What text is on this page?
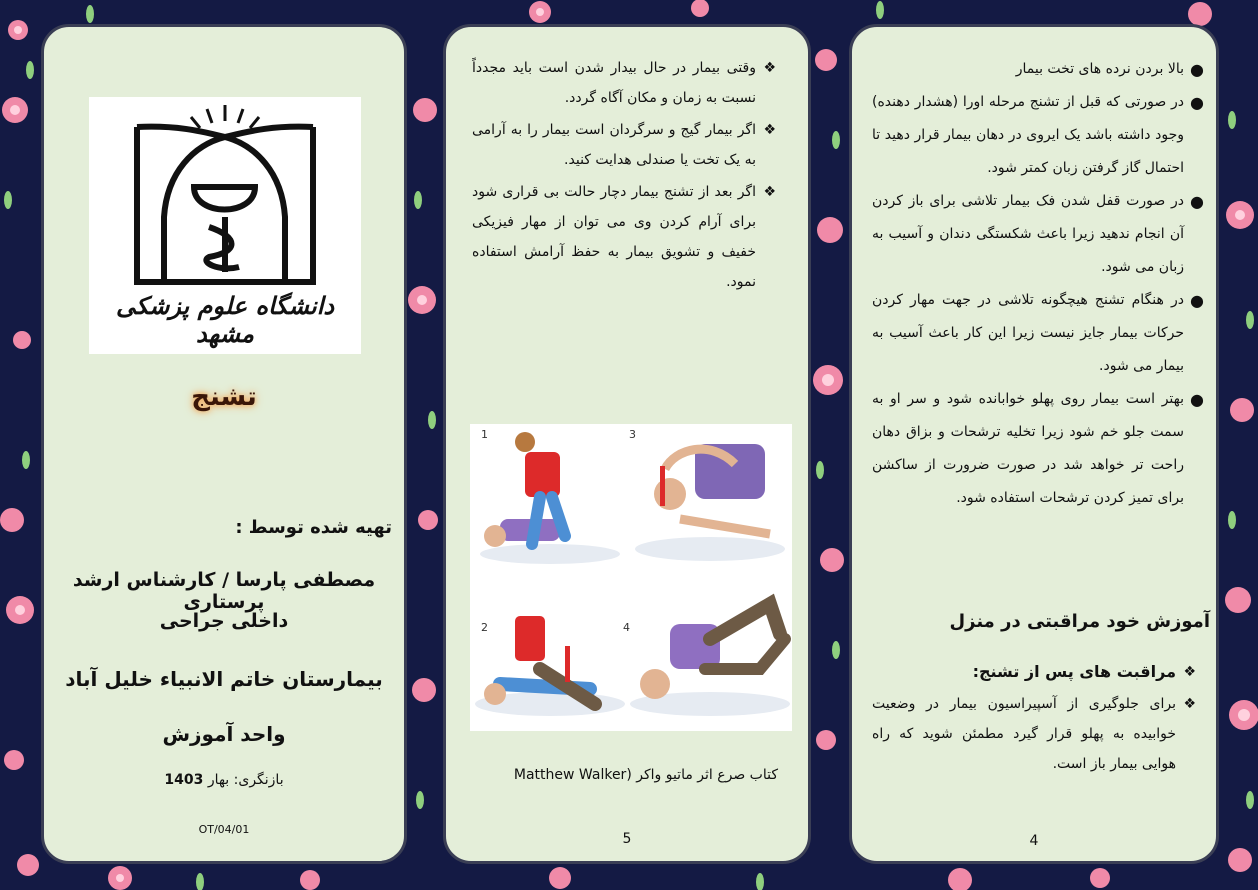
دانشگاه علوم پزشکی مشهد
تشنج
تهیه شده توسط :
مصطفی پارسا / کارشناس ارشد پرستاری
داخلی جراحی
بیمارستان خاتم الانبیاء خلیل آباد
واحد آموزش
بازنگری: بهار 1403
OT/04/01
❖
وقتی بیمار در حال بیدار شدن است باید مجدداً نسبت به زمان و مکان آگاه گردد.
❖
اگر بیمار گیج و سرگردان است بیمار را به آرامی به یک تخت یا صندلی هدایت کنید.
❖
اگر بعد از تشنج بیمار دچار حالت بی قراری شود برای آرام کردن وی می توان از مهار فیزیکی خفیف و تشویق بیمار به حفظ آرامش استفاده نمود.
1	3
2	4
کتاب صرع اثر ماتیو واکر (Matthew Walker
5
●
بالا بردن نرده های تخت بیمار
●
در صورتی که قبل از تشنج مرحله اورا (هشدار دهنده) وجود داشته باشد یک ایروی در دهان بیمار قرار دهید تا احتمال گاز گرفتن زبان کمتر شود.
●
در صورت قفل شدن فک بیمار تلاشی برای باز کردن آن انجام ندهید زیرا باعث شکستگی دندان و آسیب به زبان می شود.
●
در هنگام تشنج هیچگونه تلاشی در جهت مهار کردن حرکات بیمار جایز نیست زیرا این کار باعث آسیب به بیمار می شود.
●
بهتر است بیمار روی پهلو خوابانده شود و سر او به سمت جلو خم شود زیرا تخلیه ترشحات و بزاق دهان راحت تر خواهد شد در صورت ضرورت از ساکشن برای تمیز کردن ترشحات استفاده شود.
آموزش خود مراقبتی در منزل
❖
مراقبت های پس از تشنج:
❖
برای جلوگیری از آسپیراسیون بیمار در وضعیت خوابیده به پهلو قرار گیرد مطمئن شوید که راه هوایی بیمار باز است.
4
